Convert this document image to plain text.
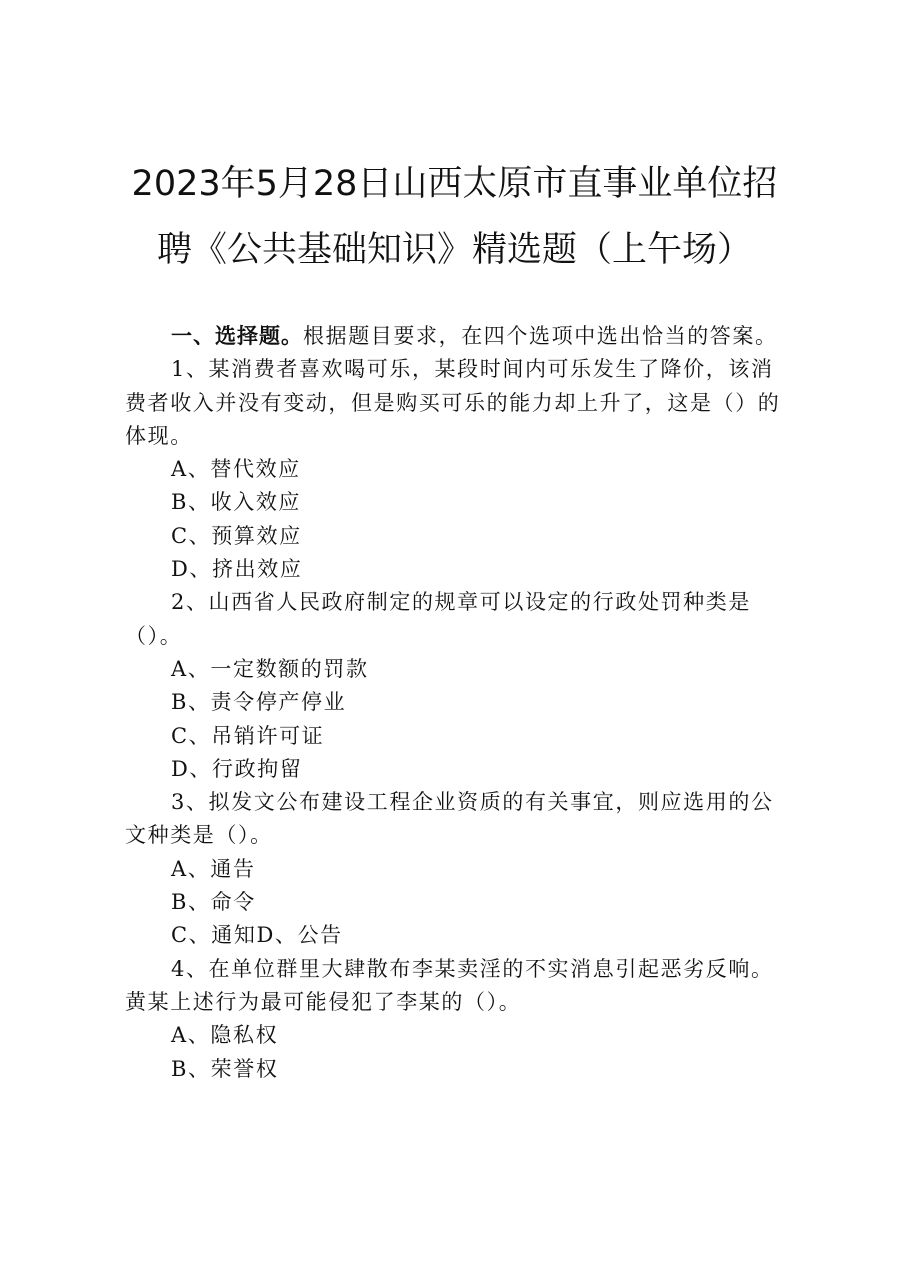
2023年5月28日山西太原市直事业单位招
聘《公共基础知识》精选题（上午场）

一、选择题。根据题目要求，在四个选项中选出恰当的答案。

1、某消费者喜欢喝可乐，某段时间内可乐发生了降价，该消费者收入并没有变动，但是购买可乐的能力却上升了，这是（）的体现。

A、替代效应

B、收入效应

C、预算效应

D、挤出效应

2、山西省人民政府制定的规章可以设定的行政处罚种类是（）。

A、一定数额的罚款

B、责令停产停业

C、吊销许可证

D、行政拘留

3、拟发文公布建设工程企业资质的有关事宜，则应选用的公文种类是（）。

A、通告

B、命令

C、通知D、公告

4、在单位群里大肆散布李某卖淫的不实消息引起恶劣反响。黄某上述行为最可能侵犯了李某的（）。

A、隐私权

B、荣誉权
